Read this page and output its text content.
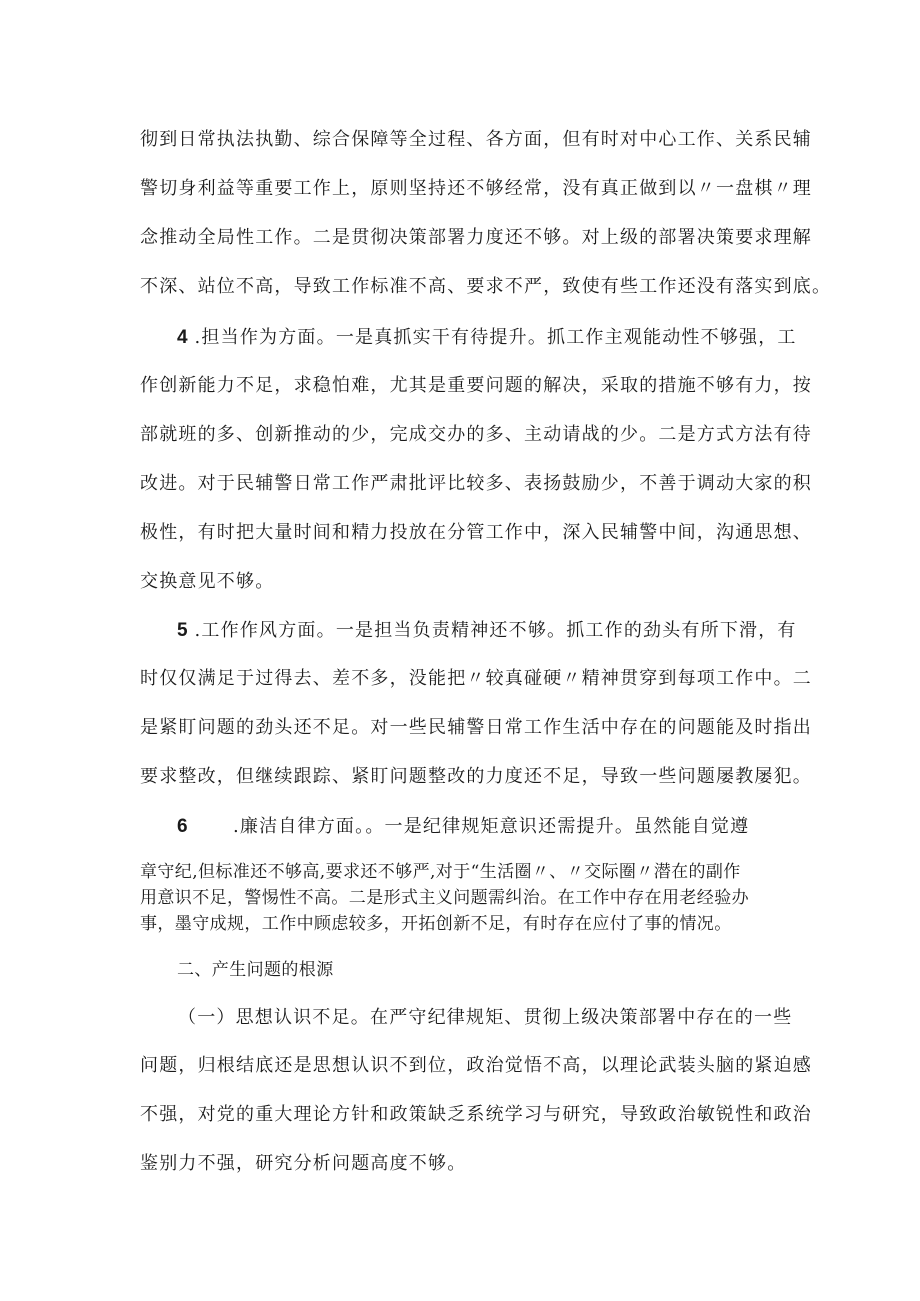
彻到日常执法执勤、综合保障等全过程、各方面，但有时对中心工作、关系民辅
警切身利益等重要工作上，原则坚持还不够经常，没有真正做到以〃一盘棋〃理
念推动全局性工作。二是贯彻决策部署力度还不够。对上级的部署决策要求理解
不深、站位不高，导致工作标准不高、要求不严，致使有些工作还没有落实到底。
4 .担当作为方面。一是真抓实干有待提升。抓工作主观能动性不够强，工
作创新能力不足，求稳怕难，尤其是重要问题的解决，采取的措施不够有力，按
部就班的多、创新推动的少，完成交办的多、主动请战的少。二是方式方法有待
改进。对于民辅警日常工作严肃批评比较多、表扬鼓励少，不善于调动大家的积
极性，有时把大量时间和精力投放在分管工作中，深入民辅警中间，沟通思想、
交换意见不够。
5 .工作作风方面。一是担当负责精神还不够。抓工作的劲头有所下滑，有
时仅仅满足于过得去、差不多，没能把〃较真碰硬〃精神贯穿到每项工作中。二
是紧盯问题的劲头还不足。对一些民辅警日常工作生活中存在的问题能及时指出
要求整改，但继续跟踪、紧盯问题整改的力度还不足，导致一些问题屡教屡犯。
6	.廉洁自律方面。。一是纪律规矩意识还需提升。虽然能自觉遵
章守纪,但标准还不够高,要求还不够严,对于“生活圈〃、〃交际圈〃潜在的副作
用意识不足，警惕性不高。二是形式主义问题需纠治。在工作中存在用老经验办
事，墨守成规，工作中顾虑较多，开拓创新不足，有时存在应付了事的情况。
二、产生问题的根源
（一）思想认识不足。在严守纪律规矩、贯彻上级决策部署中存在的一些
问题，归根结底还是思想认识不到位，政治觉悟不高，以理论武装头脑的紧迫感
不强，对党的重大理论方针和政策缺乏系统学习与研究，导致政治敏锐性和政治
鉴别力不强，研究分析问题高度不够。
